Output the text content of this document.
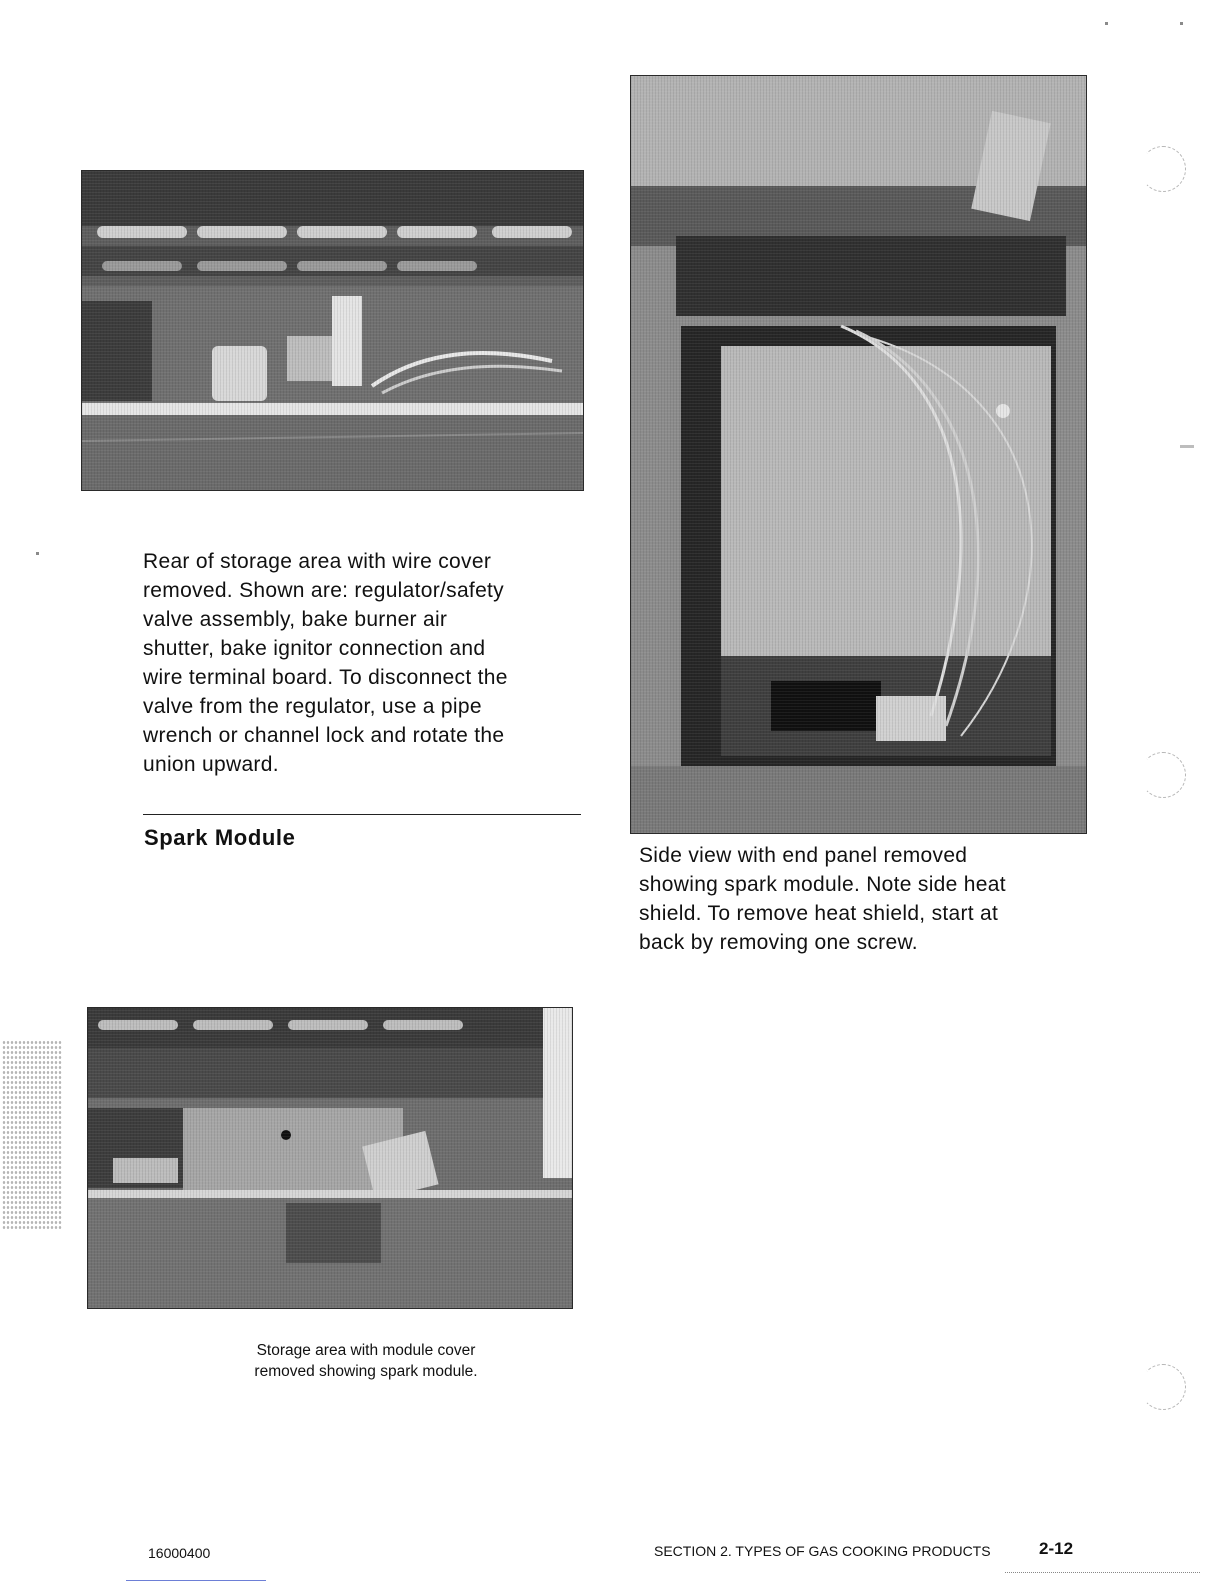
Rear of storage area with wire cover
removed. Shown are: regulator/safety
valve assembly, bake burner air
shutter, bake ignitor connection and
wire terminal board. To disconnect the
valve from the regulator, use a pipe
wrench or channel lock and rotate the
union upward.
Spark Module
Side view with end panel removed
showing spark module. Note side heat
shield. To remove heat shield, start at
back by removing one screw.
Storage area with module cover
removed showing spark module.
16000400	SECTION 2. TYPES OF GAS COOKING PRODUCTS	2-12
